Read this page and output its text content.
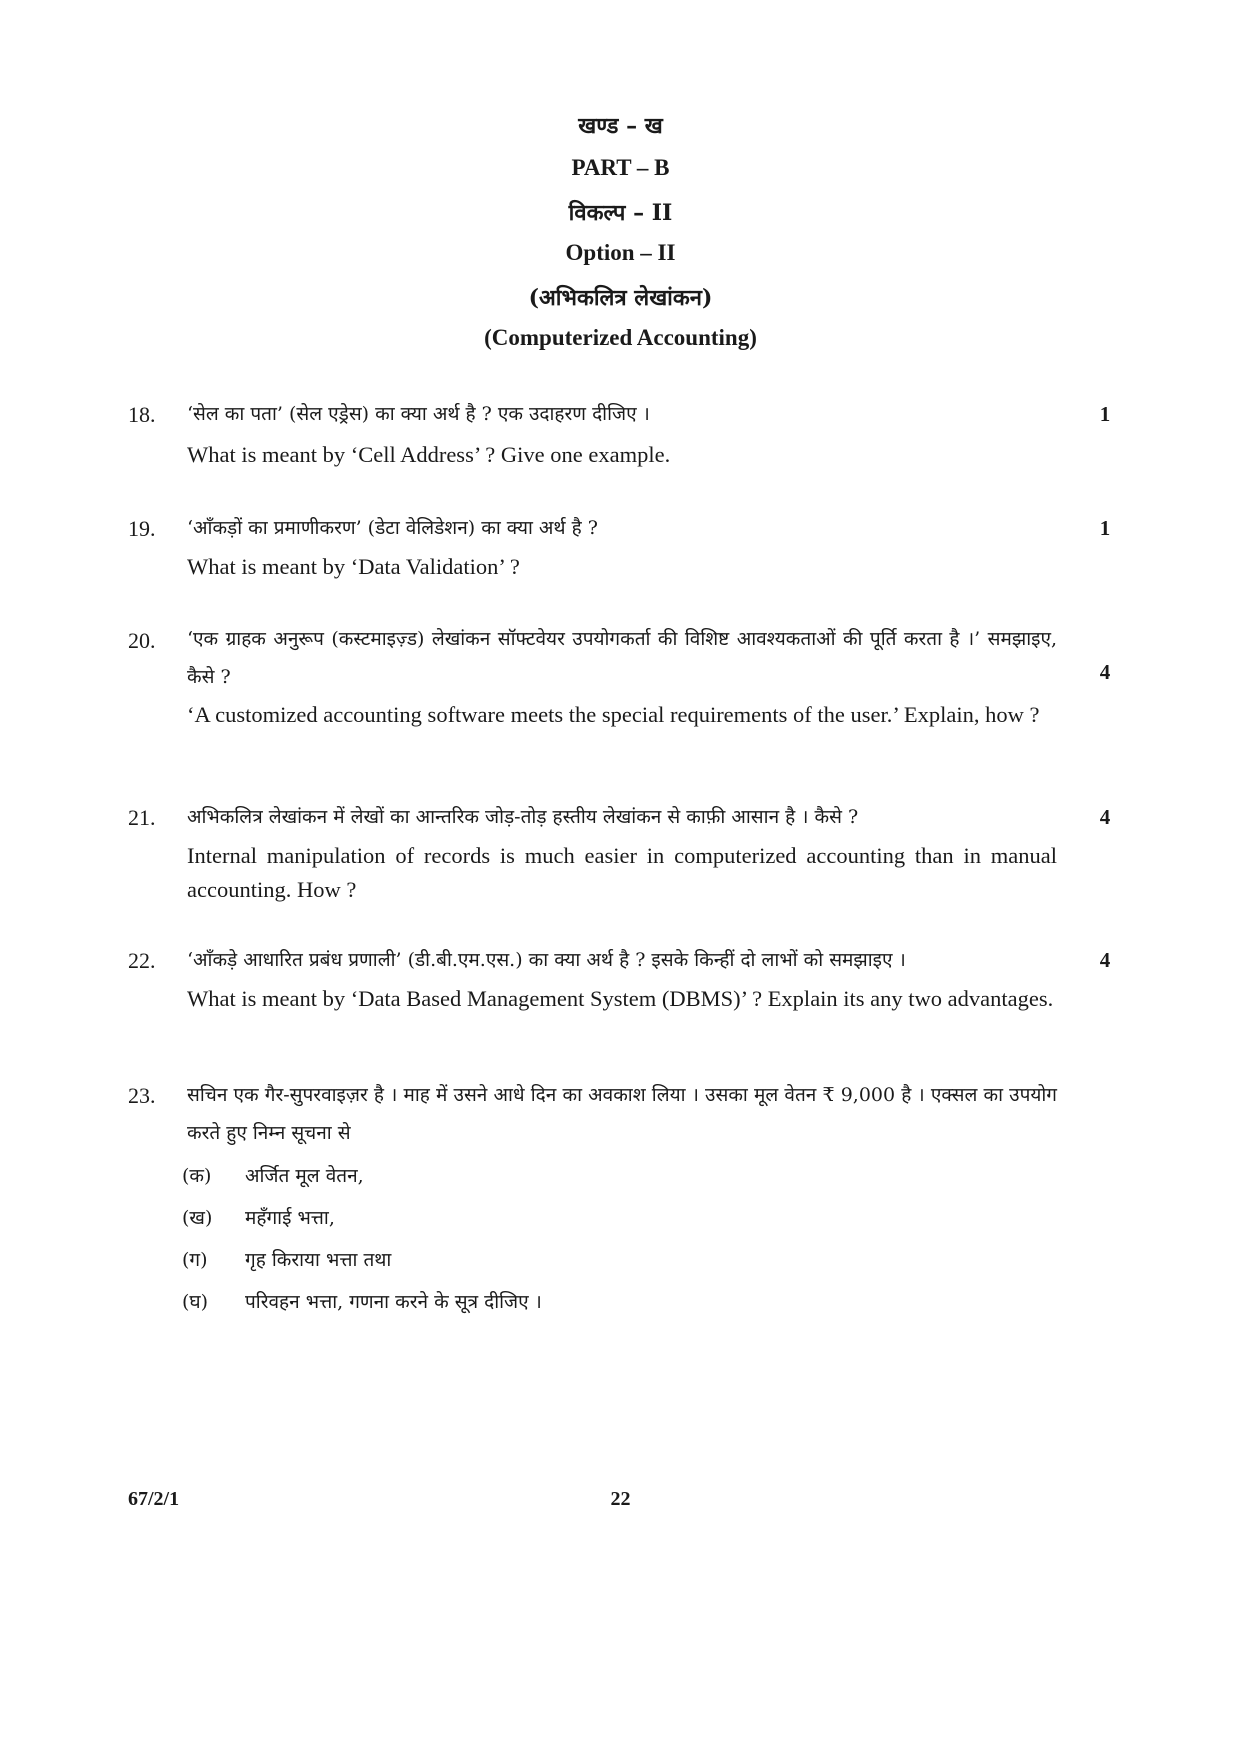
खण्ड – ख
PART – B
विकल्प – II
Option – II
(अभिकलित्र लेखांकन)
(Computerized Accounting)
18. ‘सेल का पता’ (सेल एड्रेस) का क्या अर्थ है ? एक उदाहरण दीजिए ।	1
What is meant by ‘Cell Address’ ? Give one example.
19. ‘आँकड़ों का प्रमाणीकरण’ (डेटा वेलिडेशन) का क्या अर्थ है ?	1
What is meant by ‘Data Validation’ ?
20. ‘एक ग्राहक अनुरूप (कस्टमाइज़्ड) लेखांकन सॉफ्टवेयर उपयोगकर्ता की विशिष्ट आवश्यकताओं की पूर्ति करता है ।’ समझाइए, कैसे ?	4
‘A customized accounting software meets the special requirements of the user.’ Explain, how ?
21. अभिकलित्र लेखांकन में लेखों का आन्तरिक जोड़-तोड़ हस्तीय लेखांकन से काफ़ी आसान है । कैसे ?	4
Internal manipulation of records is much easier in computerized accounting than in manual accounting. How ?
22. ‘आँकड़े आधारित प्रबंध प्रणाली’ (डी.बी.एम.एस.) का क्या अर्थ है ? इसके किन्हीं दो लाभों को समझाइए ।	4
What is meant by ‘Data Based Management System (DBMS)’ ? Explain its any two advantages.
23. सचिन एक गैर-सुपरवाइज़र है । माह में उसने आधे दिन का अवकाश लिया । उसका मूल वेतन ₹ 9,000 है । एक्सल का उपयोग करते हुए निम्न सूचना से
(क) अर्जित मूल वेतन,
(ख) महँगाई भत्ता,
(ग) गृह किराया भत्ता तथा
(घ) परिवहन भत्ता, गणना करने के सूत्र दीजिए ।
67/2/1	22
